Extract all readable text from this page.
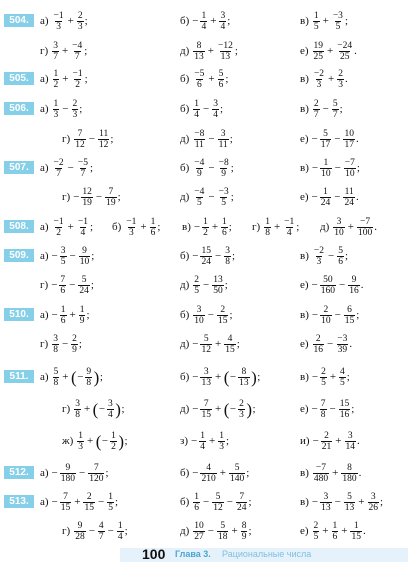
504.	$а) \frac{-1}{3} + \frac{2}{3}$ ;	$б) - \frac{1}{4} + \frac{3}{4}$ ;	$в) \frac{1}{5} + \frac{-3}{5}$ ;
$г) \frac{3}{7} + \frac{-4}{7}$ ;	$д) \frac{8}{13} + \frac{-12}{13}$ ;	$е) \frac{19}{25} + \frac{-24}{25}$ .
505.	$а) \frac{1}{2} + \frac{-1}{2}$ ;	$б) \frac{-5}{6} + \frac{5}{6}$ ;	$в) \frac{-2}{3} + \frac{2}{3}$ .
506.	$а) \frac{1}{3} - \frac{2}{3}$ ;	$б) \frac{1}{4} - \frac{3}{4}$ ;	$в) \frac{2}{7} - \frac{5}{7}$ ;
$г) \frac{7}{12} - \frac{11}{12}$ ;	$д) \frac{-8}{11} - \frac{3}{11}$ ;	$е) - \frac{5}{17} - \frac{10}{17}$ .
507.	$а) \frac{-2}{7} - \frac{-5}{7}$ ;	$б) \frac{-4}{9} - \frac{-8}{9}$ ;	$в) - \frac{1}{10} - \frac{-7}{10}$ ;
$г) - \frac{12}{19} - \frac{7}{19}$ ;	$д) \frac{-4}{5} - \frac{-3}{5}$ ;	$е) - \frac{1}{24} - \frac{11}{24}$ .
508.	$а) \frac{-1}{2} + \frac{-1}{4}$ ; $б) \frac{-1}{3} + \frac{1}{6}$ ; $в) - \frac{1}{2} + \frac{1}{6}$ ; $г) \frac{1}{8} + \frac{-1}{4}$ ; $д) \frac{3}{10} + \frac{-7}{100}$ .
509.	$а) - \frac{3}{5} - \frac{9}{10}$ ;	$б) - \frac{15}{24} - \frac{3}{8}$ ;	$в) \frac{-2}{3} - \frac{5}{6}$ ;
$г) - \frac{7}{6} - \frac{5}{24}$ ;	$д) \frac{2}{5} - \frac{13}{50}$ ;	$е) - \frac{50}{160} - \frac{9}{16}$ .
510.	$а) - \frac{1}{6} + \frac{1}{9}$ ;	$б) \frac{3}{10} - \frac{2}{15}$ ;	$в) - \frac{2}{10} - \frac{6}{15}$ ;
$г) \frac{3}{8} - \frac{2}{9}$ ;	$д) - \frac{5}{12} + \frac{4}{15}$ ;	$е) \frac{2}{16} - \frac{-3}{39}$ .
511.	$а) \frac{5}{8}$ + ( − $\frac{9}{8}$ ) ;	$б) - \frac{3}{13}$ + ( − $\frac{8}{13}$ ) ;	$в) - \frac{2}{5} + \frac{4}{5}$ ;
$г) \frac{3}{8}$ + ( − $\frac{3}{4}$ ) ;	$д) - \frac{7}{15}$ + ( − $\frac{2}{3}$ ) ;	$е) - \frac{7}{8} - \frac{15}{16}$ ;
$ж) \frac{1}{3}$ + ( − $\frac{1}{2}$ ) ;	$з) - \frac{1}{4} + \frac{1}{3}$ ;	$и) - \frac{2}{21} + \frac{3}{14}$ .
512.	$а) - \frac{9}{180} - \frac{7}{120}$ ;	$б) - \frac{4}{210} + \frac{5}{140}$ ;	$в) \frac{-7}{480} + \frac{8}{180}$ .
513.	$а) - \frac{7}{15} + \frac{2}{15} - \frac{1}{5}$ ;	$б) \frac{1}{6} - \frac{5}{12} - \frac{7}{24}$ ;	$в) - \frac{3}{13} - \frac{5}{13} + \frac{3}{26}$ ;
$г) \frac{9}{28} - \frac{4}{7} - \frac{1}{4}$ ;	$д) \frac{10}{27} - \frac{5}{18} + \frac{8}{9}$ ;	$е) \frac{2}{5} + \frac{1}{6} + \frac{1}{15}$ .
100 Глава 3. Рациональные числа
